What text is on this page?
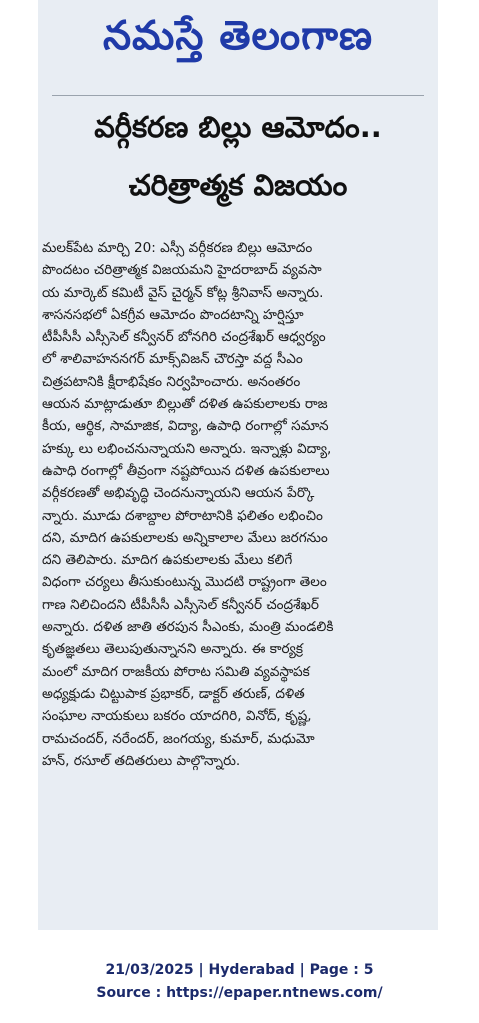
నమస్తే తెలంగాణ
వర్గీకరణ బిల్లు ఆమోదం..
చరిత్రాత్మక విజయం
మలక్‌పేట మార్చి 20: ఎస్సీ వర్గీకరణ బిల్లు ఆమోదం
పొందటం చరిత్రాత్మక విజయమని హైదరాబాద్ వ్యవసా
య మార్కెట్ కమిటీ వైస్ చైర్మన్ కోట్ల శ్రీనివాస్ అన్నారు.
శాసనసభలో ఏకగ్రీవ ఆమోదం పొందటాన్ని హర్షిస్తూ
టీపీసీసీ ఎస్సీసెల్ కన్వీనర్ బోనగిరి చంద్రశేఖర్ ఆధ్వర్యం
లో శాలివాహననగర్ మాక్స్‌విజన్ చౌరస్తా వద్ద సీఎం
చిత్రపటానికి క్షీరాభిషేకం నిర్వహించారు. అనంతరం
ఆయన మాట్లాడుతూ బిల్లుతో దళిత ఉపకులాలకు రాజ
కీయ, ఆర్థిక, సామాజిక, విద్యా, ఉపాధి రంగాల్లో సమాన
హక్కు లు లభించనున్నాయని అన్నారు. ఇన్నాళ్లు విద్యా,
ఉపాధి రంగాల్లో తీవ్రంగా నష్టపోయిన దళిత ఉపకులాలు
వర్గీకరణతో అభివృద్ధి చెందనున్నాయని ఆయన పేర్కొ
న్నారు. మూడు దశాబ్దాల పోరాటానికి ఫలితం లభించిం
దని, మాదిగ ఉపకులాలకు అన్నికాలాల మేలు జరగనుం
దని తెలిపారు. మాదిగ ఉపకులాలకు మేలు కలిగే
విధంగా చర్యలు తీసుకుంటున్న మొదటి రాష్ట్రంగా తెలం
గాణ నిలిచిందని టీపీసీసీ ఎస్సీసెల్ కన్వీనర్ చంద్రశేఖర్
అన్నారు. దళిత జాతి తరపున సీఎంకు, మంత్రి మండలికి
కృతజ్ఞతలు తెలుపుతున్నానని అన్నారు. ఈ కార్యక్ర
మంలో మాదిగ రాజకీయ పోరాట సమితి వ్యవస్థాపక
అధ్యక్షుడు చిట్టుపాక ప్రభాకర్, డాక్టర్ తరుణ్, దళిత
సంఘాల నాయకులు బకరం యాదగిరి, వినోద్, కృష్ణ,
రామచందర్, నరేందర్, జంగయ్య, కుమార్, మధుమో
హన్, రసూల్ తదితరులు పాల్గొన్నారు.
21/03/2025 | Hyderabad | Page : 5
Source : https://epaper.ntnews.com/
